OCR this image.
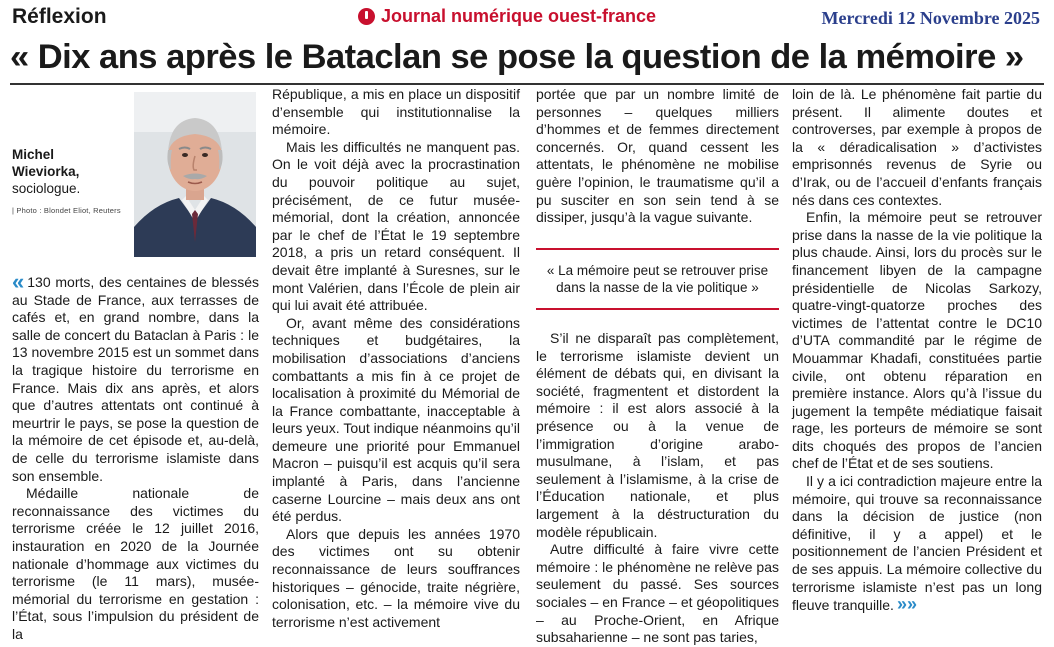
Réflexion	Journal numérique ouest-france	Mercredi 12 Novembre 2025
« Dix ans après le Bataclan se pose la question de la mémoire »
Michel
Wieviorka,
sociologue.
| Photo : Blondet Eliot, Reuters

« 130 morts, des centaines de blessés au Stade de France, aux terrasses de cafés et, en grand nombre, dans la salle de concert du Bataclan à Paris : le 13 novembre 2015 est un sommet dans la tragique histoire du terrorisme en France. Mais dix ans après, et alors que d’autres attentats ont continué à meurtrir le pays, se pose la question de la mémoire de cet épisode et, au-delà, de celle du terrorisme islamiste dans son ensemble.

Médaille nationale de reconnaissance des victimes du terrorisme créée le 12 juillet 2016, instauration en 2020 de la Journée nationale d’hommage aux victimes du terrorisme (le 11 mars), musée-mémorial du terrorisme en gestation : l’État, sous l’impulsion du président de la

République, a mis en place un dispositif d’ensemble qui institutionnalise la mémoire.

Mais les difficultés ne manquent pas. On le voit déjà avec la procrastination du pouvoir politique au sujet, précisément, de ce futur musée-mémorial, dont la création, annoncée par le chef de l’État le 19 septembre 2018, a pris un retard conséquent. Il devait être implanté à Suresnes, sur le mont Valérien, dans l’École de plein air qui lui avait été attribuée.

Or, avant même des considérations techniques et budgétaires, la mobilisation d’associations d’anciens combattants a mis fin à ce projet de localisation à proximité du Mémorial de la France combattante, inacceptable à leurs yeux. Tout indique néanmoins qu’il demeure une priorité pour Emmanuel Macron – puisqu’il est acquis qu’il sera implanté à Paris, dans l’ancienne caserne Lourcine – mais deux ans ont été perdus.

Alors que depuis les années 1970 des victimes ont su obtenir reconnaissance de leurs souffrances historiques – génocide, traite négrière, colonisation, etc. – la mémoire vive du terrorisme n’est activement

portée que par un nombre limité de personnes – quelques milliers d’hommes et de femmes directement concernés. Or, quand cessent les attentats, le phénomène ne mobilise guère l’opinion, le traumatisme qu’il a pu susciter en son sein tend à se dissiper, jusqu’à la vague suivante.

« La mémoire peut se retrouver prise dans la nasse de la vie politique »

S’il ne disparaît pas complètement, le terrorisme islamiste devient un élément de débats qui, en divisant la société, fragmentent et distordent la mémoire : il est alors associé à la présence ou à la venue de l’immigration d’origine arabo-musulmane, à l’islam, et pas seulement à l’islamisme, à la crise de l’Éducation nationale, et plus largement à la déstructuration du modèle républicain.

Autre difficulté à faire vivre cette mémoire : le phénomène ne relève pas seulement du passé. Ses sources sociales – en France – et géopolitiques – au Proche-Orient, en Afrique subsaharienne – ne sont pas taries,

loin de là. Le phénomène fait partie du présent. Il alimente doutes et controverses, par exemple à propos de la « déradicalisation » d’activistes emprisonnés revenus de Syrie ou d’Irak, ou de l’accueil d’enfants français nés dans ces contextes.

Enfin, la mémoire peut se retrouver prise dans la nasse de la vie politique la plus chaude. Ainsi, lors du procès sur le financement libyen de la campagne présidentielle de Nicolas Sarkozy, quatre-vingt-quatorze proches des victimes de l’attentat contre le DC10 d’UTA commandité par le régime de Mouammar Khadafi, constituées partie civile, ont obtenu réparation en première instance. Alors qu’à l’issue du jugement la tempête médiatique faisait rage, les porteurs de mémoire se sont dits choqués des propos de l’ancien chef de l’État et de ses soutiens.

Il y a ici contradiction majeure entre la mémoire, qui trouve sa reconnaissance dans la décision de justice (non définitive, il y a appel) et le positionnement de l’ancien Président et de ses appuis. La mémoire collective du terrorisme islamiste n’est pas un long fleuve tranquille. »»
